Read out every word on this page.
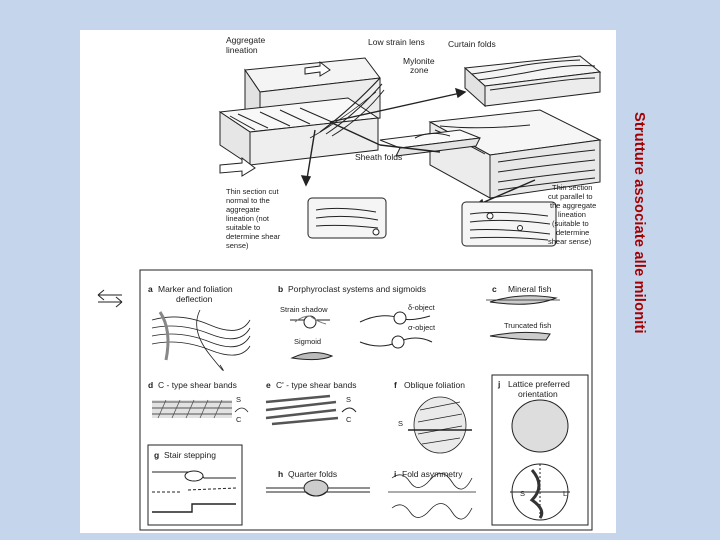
Aggregate
lineation
Low strain lens
Mylonite
zone
Curtain folds
Sheath folds
Thin section cut
normal to the
aggregate
lineation (not
suitable to
determine shear
sense)
Thin section
cut parallel to
the aggregate
lineation
(suitable to
determine
shear sense)
a Marker and foliation
deflection
b Porphyroclast systems and sigmoids
Strain shadow	δ-object
σ-object
Sigmoid
c Mineral fish
Truncated fish
d C - type shear bands
S
C
e C' - type shear bands
S
C
f Oblique foliation
S
j Lattice preferred
orientation
S	L
g Stair stepping
h Quarter folds	i Fold asymmetry
Strutture associate alle miloniti
